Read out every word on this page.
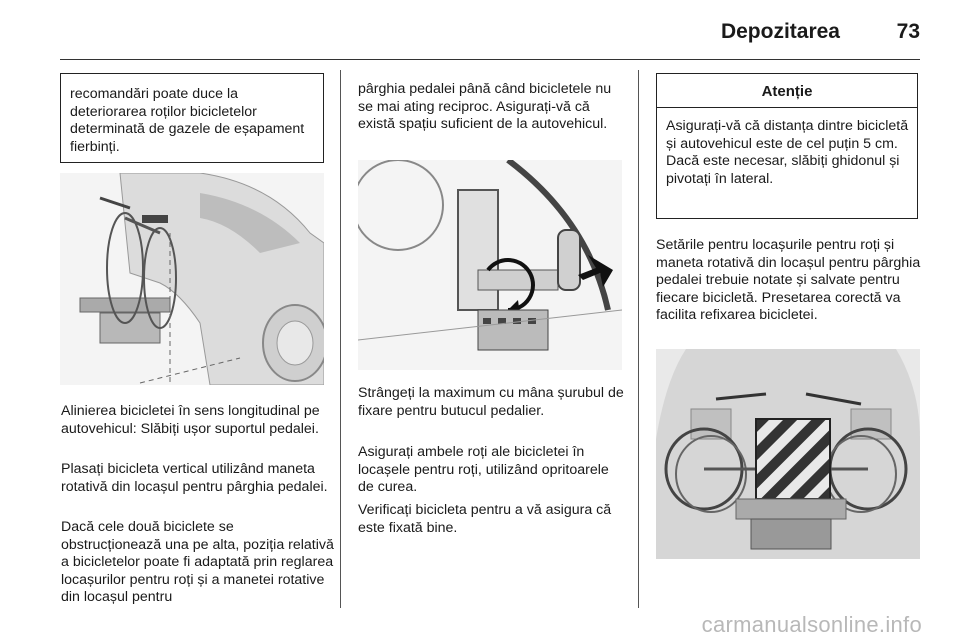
Depozitarea	73
recomandări poate duce la deteriorarea roților bicicletelor determinată de gazele de eșapament fierbinți.
Alinierea bicicletei în sens longitudinal pe autovehicul: Slăbiți ușor suportul pedalei.
Plasați bicicleta vertical utilizând maneta rotativă din locașul pentru pârghia pedalei.
Dacă cele două biciclete se obstrucționează una pe alta, poziția relativă a bicicletelor poate fi adaptată prin reglarea locașurilor pentru roți și a manetei rotative din locașul pentru
pârghia pedalei până când bicicletele nu se mai ating reciproc. Asigurați-vă că există spațiu suficient de la autovehicul.
Strângeți la maximum cu mâna șurubul de fixare pentru butucul pedalier.
Asigurați ambele roți ale bicicletei în locașele pentru roți, utilizând opritoarele de curea.
Verificați bicicleta pentru a vă asigura că este fixată bine.
Atenție
Asigurați-vă că distanța dintre bicicletă și autovehicul este de cel puțin 5 cm. Dacă este necesar, slăbiți ghidonul și pivotați în lateral.
Setările pentru locașurile pentru roți și maneta rotativă din locașul pentru pârghia pedalei trebuie notate și salvate pentru fiecare bicicletă. Presetarea corectă va facilita refixarea bicicletei.
carmanualsonline.info
